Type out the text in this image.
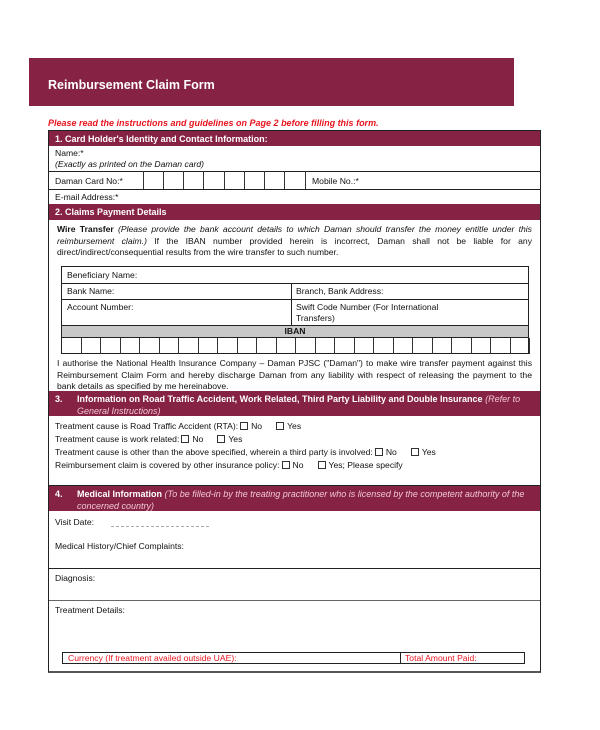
Reimbursement Claim Form
Please read the instructions and guidelines on Page 2 before filling this form.
1. Card Holder's Identity and Contact Information:
Name:*
(Exactly as printed on the Daman card)
Daman Card No:*	Mobile No.:*
E-mail Address:*
2. Claims Payment Details
Wire Transfer (Please provide the bank account details to which Daman should transfer the money entitle under this reimbursement claim.) If the IBAN number provided herein is incorrect, Daman shall not be liable for any direct/indirect/consequential results from the wire transfer to such number.
Beneficiary Name:
Bank Name:	Branch, Bank Address:
Account Number:	Swift Code Number (For International Transfers)
IBAN
I authorise the National Health Insurance Company – Daman PJSC ("Daman") to make wire transfer payment against this Reimbursement Claim Form and hereby discharge Daman from any liability with respect of releasing the payment to the bank details as specified by me hereinabove.
3. Information on Road Traffic Accident, Work Related, Third Party Liability and Double Insurance (Refer to General Instructions)
Treatment cause is Road Traffic Accident (RTA): No	Yes
Treatment cause is work related: No	Yes
Treatment cause is other than the above specified, wherein a third party is involved: No	Yes
Reimbursement claim is covered by other insurance policy: No	Yes; Please specify
4. Medical Information (To be filled-in by the treating practitioner who is licensed by the competent authority of the concerned country)
Visit Date:
Medical History/Chief Complaints:
Diagnosis:
Treatment Details:
Currency (If treatment availed outside UAE):	Total Amount Paid:
